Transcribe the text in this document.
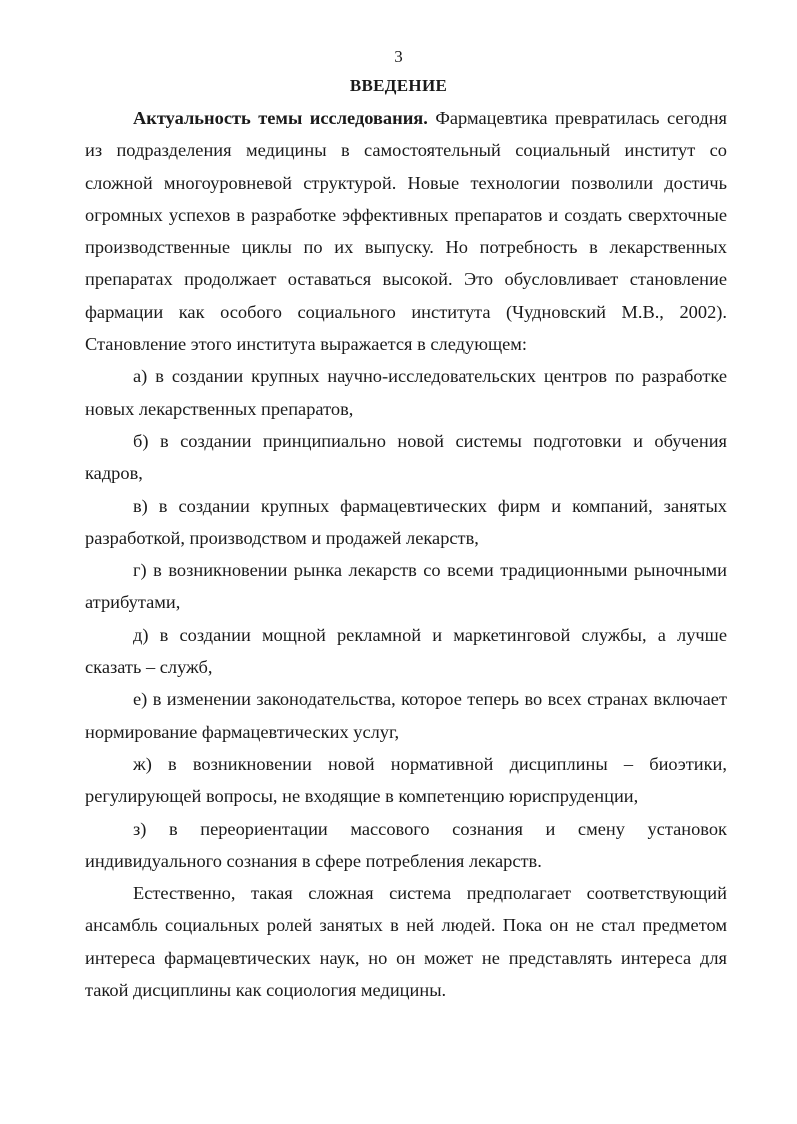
3
ВВЕДЕНИЕ

Актуальность темы исследования. Фармацевтика превратилась сегодня из подразделения медицины в самостоятельный социальный институт со сложной многоуровневой структурой. Новые технологии позволили достичь огромных успехов в разработке эффективных препаратов и создать сверхточные производственные циклы по их выпуску. Но потребность в лекарственных препаратах продолжает оставаться высокой. Это обусловливает становление фармации как особого социального института (Чудновский М.В., 2002). Становление этого института выражается в следующем:

а) в создании крупных научно-исследовательских центров по разработке новых лекарственных препаратов,

б) в создании принципиально новой системы подготовки и обучения кадров,

в) в создании крупных фармацевтических фирм и компаний, занятых разработкой, производством и продажей лекарств,

г) в возникновении рынка лекарств со всеми традиционными рыночными атрибутами,

д) в создании мощной рекламной и маркетинговой службы, а лучше сказать – служб,

е) в изменении законодательства, которое теперь во всех странах включает нормирование фармацевтических услуг,

ж) в возникновении новой нормативной дисциплины – биоэтики, регулирующей вопросы, не входящие в компетенцию юриспруденции,

з) в переориентации массового сознания и смену установок индивидуального сознания в сфере потребления лекарств.

Естественно, такая сложная система предполагает соответствующий ансамбль социальных ролей занятых в ней людей. Пока он не стал предметом интереса фармацевтических наук, но он может не представлять интереса для такой дисциплины как социология медицины.
